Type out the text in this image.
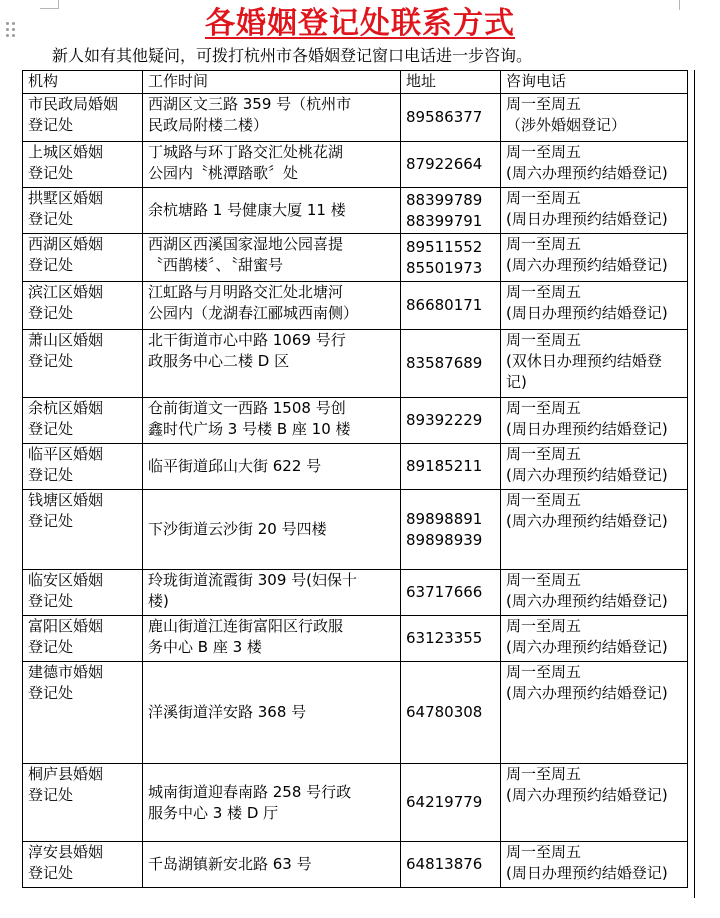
各婚姻登记处联系方式

新人如有其他疑问，可拨打杭州市各婚姻登记窗口电话进一步咨询。

机构	工作时间	地址	咨询电话

市民政局婚姻
登记处	西湖区文三路 359 号（杭州市
民政局附楼二楼）	89586377	周一至周五
（涉外婚姻登记）

上城区婚姻
登记处	丁城路与环丁路交汇处桃花湖
公园内〝桃潭踏歌〞处	87922664	周一至周五
(周六办理预约结婚登记)

拱墅区婚姻
登记处	余杭塘路 1 号健康大厦 11 楼	88399789
88399791	周一至周五
(周日办理预约结婚登记)

西湖区婚姻
登记处	西湖区西溪国家湿地公园喜提
〝西鹊楼〞、〝甜蜜号	89511552
85501973	周一至周五
(周六办理预约结婚登记)

滨江区婚姻
登记处	江虹路与月明路交汇处北塘河
公园内（龙湖春江郦城西南侧）	86680171	周一至周五
(周日办理预约结婚登记)

萧山区婚姻
登记处	北干街道市心中路 1069 号行
政服务中心二楼 D 区	83587689	周一至周五
(双休日办理预约结婚登
记)

余杭区婚姻
登记处	仓前街道文一西路 1508 号创
鑫时代广场 3 号楼 B 座 10 楼	89392229	周一至周五
(周日办理预约结婚登记)

临平区婚姻
登记处	临平街道邱山大街 622 号	89185211	周一至周五
(周六办理预约结婚登记)

钱塘区婚姻
登记处	下沙街道云沙街 20 号四楼	89898891
89898939	周一至周五
(周六办理预约结婚登记)

临安区婚姻
登记处	玲珑街道流霞街 309 号(妇保十
楼)	63717666	周一至周五
(周六办理预约结婚登记)

富阳区婚姻
登记处	鹿山街道江连街富阳区行政服
务中心 B 座 3 楼	63123355	周一至周五
(周六办理预约结婚登记)

建德市婚姻
登记处	洋溪街道洋安路 368 号	64780308	周一至周五
(周六办理预约结婚登记)

桐庐县婚姻
登记处	城南街道迎春南路 258 号行政
服务中心 3 楼 D 厅	64219779	周一至周五
(周六办理预约结婚登记)

淳安县婚姻
登记处	千岛湖镇新安北路 63 号	64813876	周一至周五
(周日办理预约结婚登记)
